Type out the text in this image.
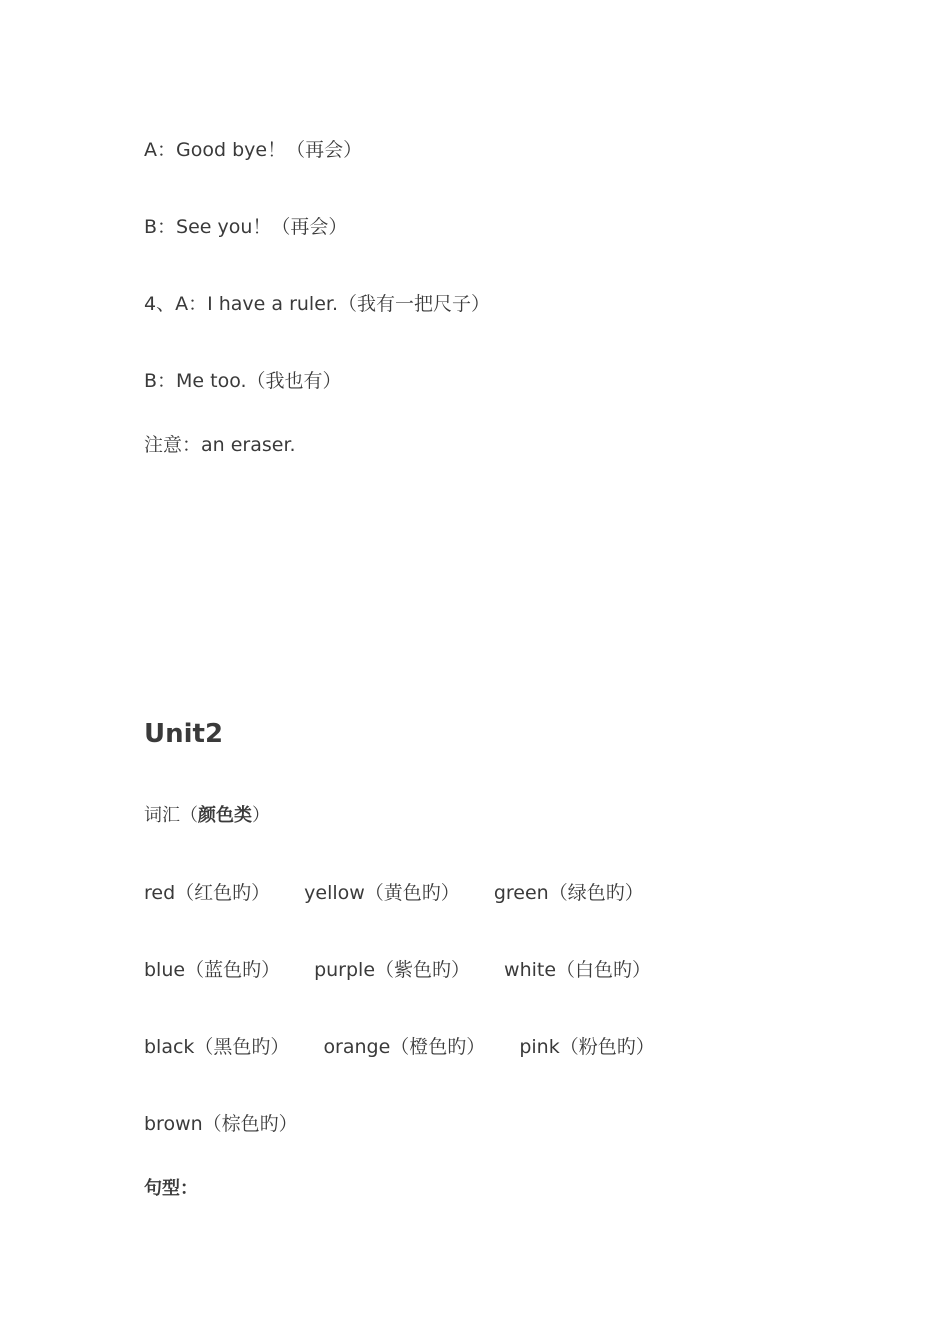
A：Good bye！（再会）
B：See you！（再会）
4、A：I have a ruler.（我有一把尺子）
B：Me too.（我也有）
注意：an eraser.
Unit2
词汇（颜色类）
red（红色旳） yellow（黄色旳） green（绿色旳）
blue（蓝色旳） purple（紫色旳） white（白色旳）
black（黑色旳） orange（橙色旳） pink（粉色旳）
brown（棕色旳）
句型：
